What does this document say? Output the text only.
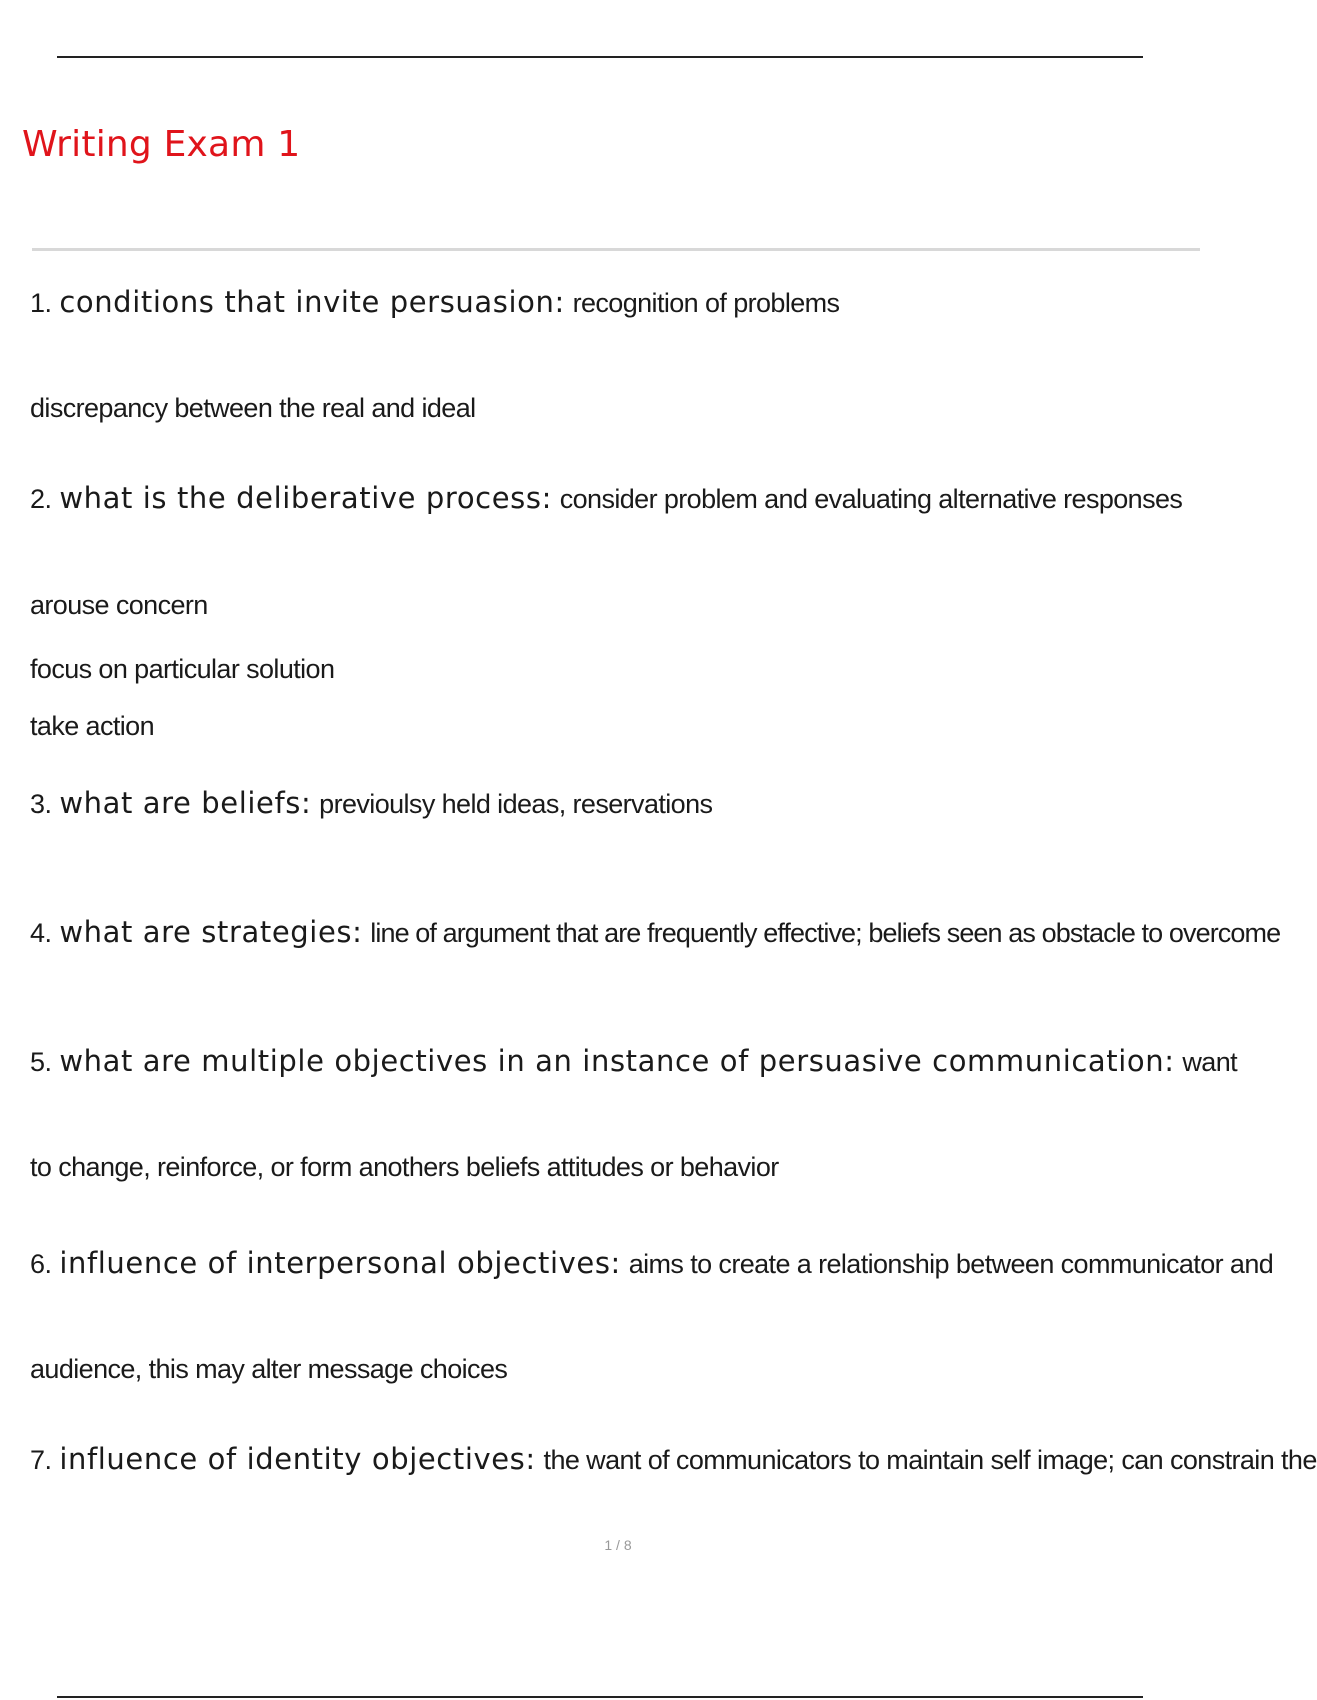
Writing Exam 1
1. conditions that invite persuasion: recognition of problems
discrepancy between the real and ideal
2. what is the deliberative process: consider problem and evaluating alternative responses
arouse concern
focus on particular solution
take action
3. what are beliefs: previoulsy held ideas, reservations
4. what are strategies: line of argument that are frequently effective; beliefs seen as obstacle to overcome
5. what are multiple objectives in an instance of persuasive communication: want
to change, reinforce, or form anothers beliefs attitudes or behavior
6. influence of interpersonal objectives: aims to create a relationship between communicator and
audience, this may alter message choices
7. influence of identity objectives: the want of communicators to maintain self image; can constrain the
1 / 8
